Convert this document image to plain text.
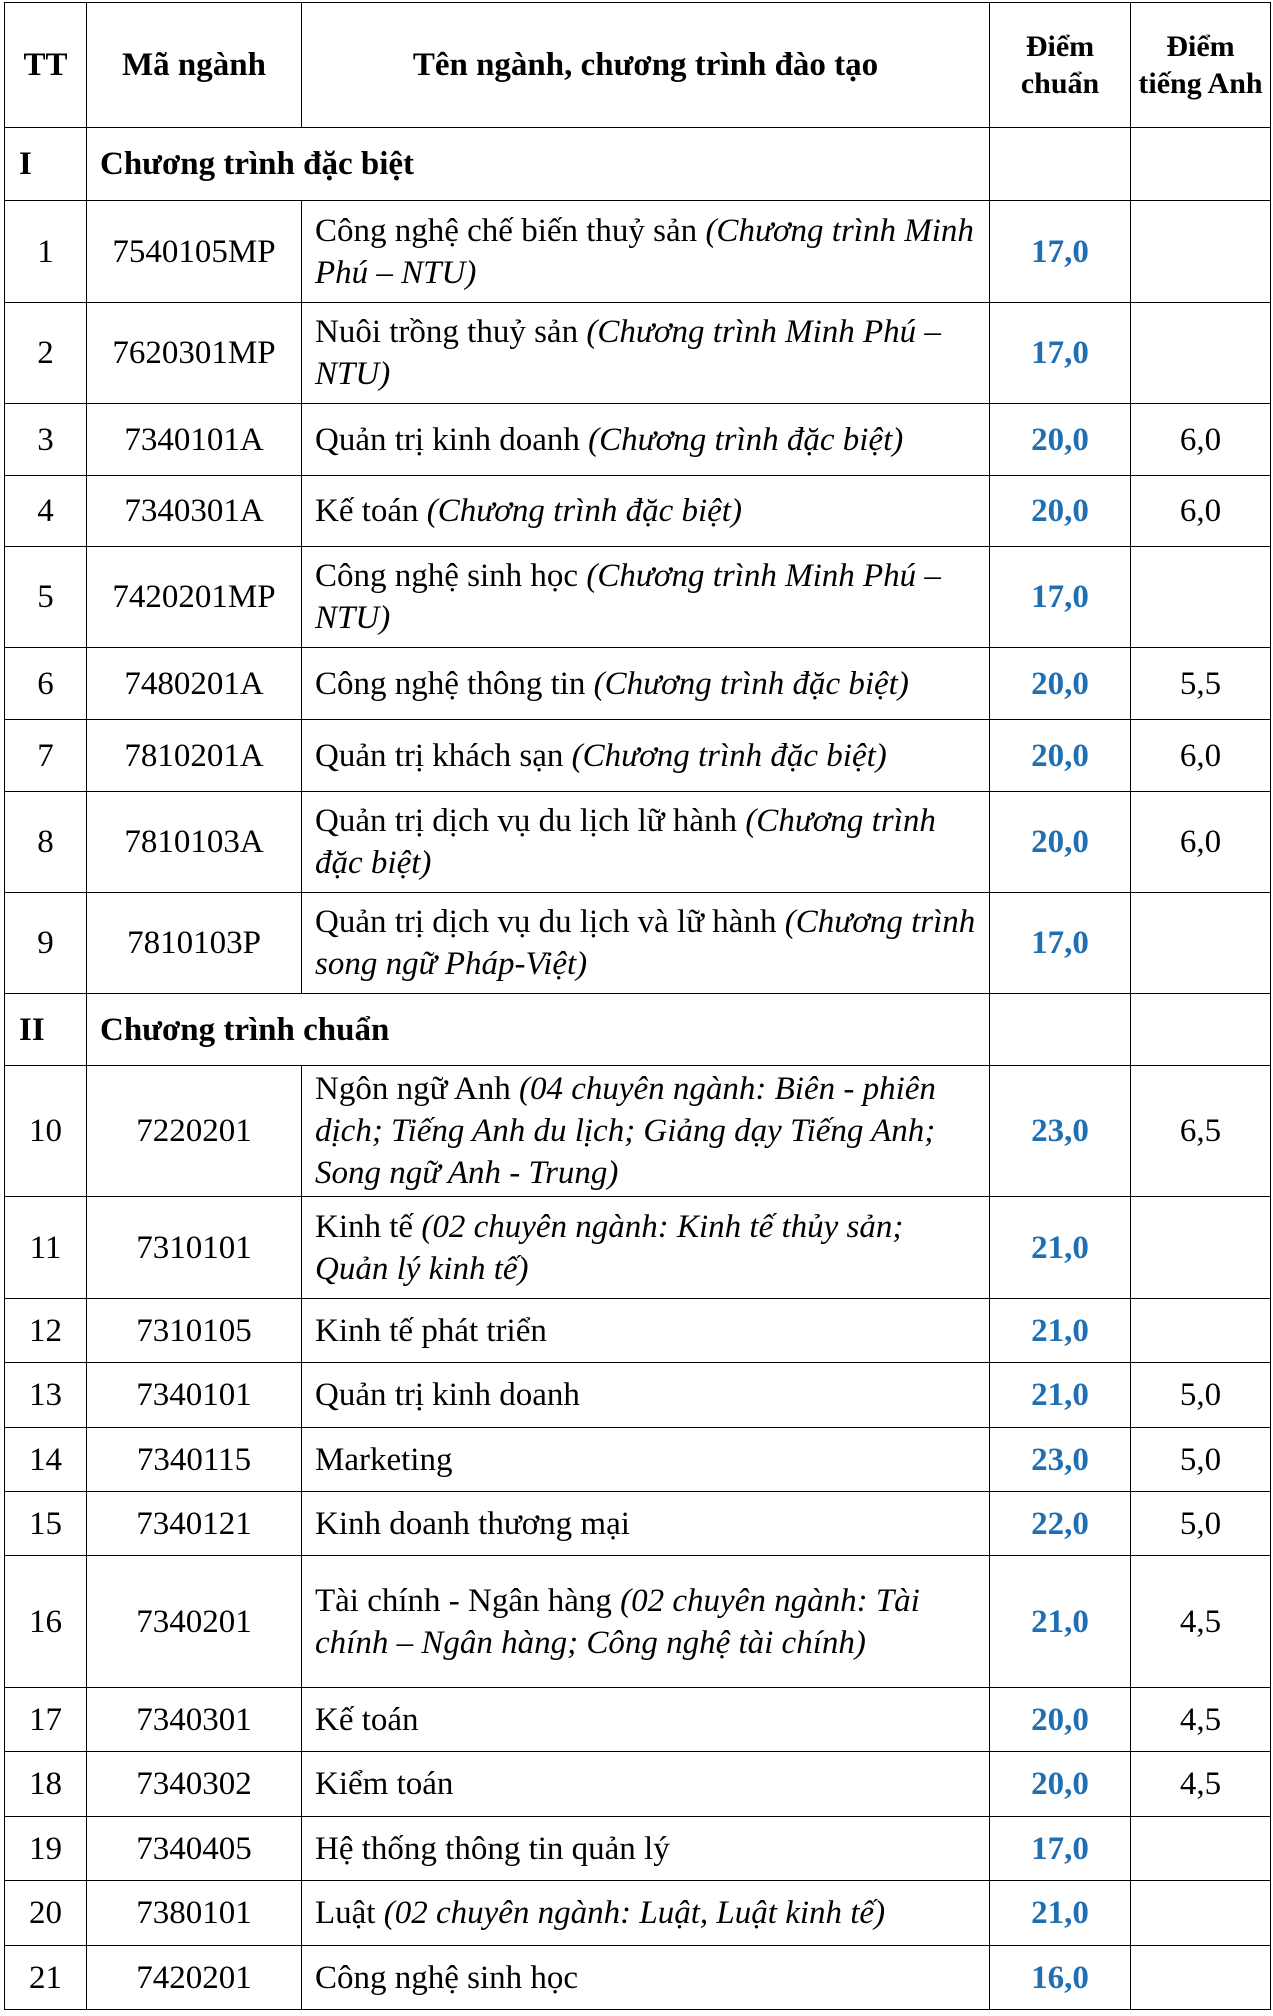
TT	Mã ngành	Tên ngành, chương trình đào tạo	Điểm chuẩn	Điểm tiếng Anh
I	Chương trình đặc biệt			
1	7540105MP	Công nghệ chế biến thuỷ sản (Chương trình Minh Phú – NTU)	17,0	
2	7620301MP	Nuôi trồng thuỷ sản (Chương trình Minh Phú – NTU)	17,0	
3	7340101A	Quản trị kinh doanh (Chương trình đặc biệt)	20,0	6,0
4	7340301A	Kế toán (Chương trình đặc biệt)	20,0	6,0
5	7420201MP	Công nghệ sinh học (Chương trình Minh Phú – NTU)	17,0	
6	7480201A	Công nghệ thông tin (Chương trình đặc biệt)	20,0	5,5
7	7810201A	Quản trị khách sạn (Chương trình đặc biệt)	20,0	6,0
8	7810103A	Quản trị dịch vụ du lịch lữ hành (Chương trình đặc biệt)	20,0	6,0
9	7810103P	Quản trị dịch vụ du lịch và lữ hành (Chương trình song ngữ Pháp-Việt)	17,0	
II	Chương trình chuẩn			
10	7220201	Ngôn ngữ Anh (04 chuyên ngành: Biên - phiên dịch; Tiếng Anh du lịch; Giảng dạy Tiếng Anh; Song ngữ Anh - Trung)	23,0	6,5
11	7310101	Kinh tế (02 chuyên ngành: Kinh tế thủy sản; Quản lý kinh tế)	21,0	
12	7310105	Kinh tế phát triển	21,0	
13	7340101	Quản trị kinh doanh	21,0	5,0
14	7340115	Marketing	23,0	5,0
15	7340121	Kinh doanh thương mại	22,0	5,0
16	7340201	Tài chính - Ngân hàng (02 chuyên ngành: Tài chính – Ngân hàng; Công nghệ tài chính)	21,0	4,5
17	7340301	Kế toán	20,0	4,5
18	7340302	Kiểm toán	20,0	4,5
19	7340405	Hệ thống thông tin quản lý	17,0	
20	7380101	Luật (02 chuyên ngành: Luật, Luật kinh tế)	21,0	
21	7420201	Công nghệ sinh học	16,0	
